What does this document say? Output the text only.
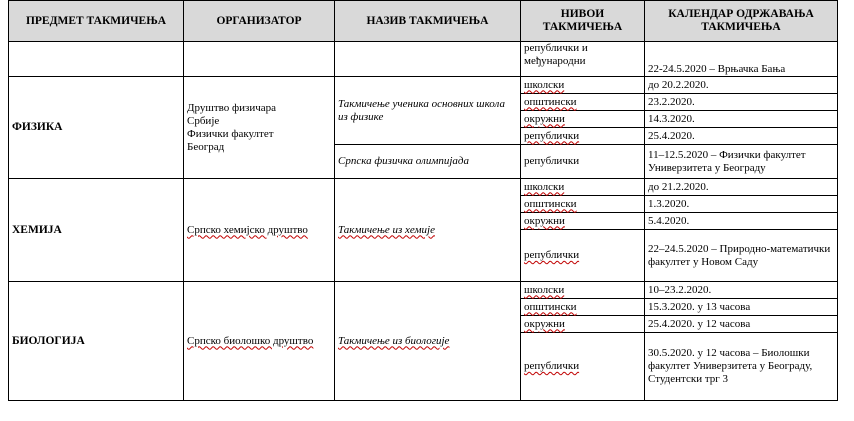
ПРЕДМЕТ ТАКМИЧЕЊА	ОРГАНИЗАТОР	НАЗИВ ТАКМИЧЕЊА	НИВОИ ТАКМИЧЕЊА	КАЛЕНДАР ОДРЖАВАЊА ТАКМИЧЕЊА
			републички и међународни	22-24.5.2020 – Врњачка Бања
ФИЗИКА	Друштво физичара
Србије
Физички факултет
Београд	Такмичење ученика основних школа из физике	школски	до 20.2.2020.
			општински	23.2.2020.
			окружни	14.3.2020.
			републички	25.4.2020.
		Српска физичка олимпијада	републички	11–12.5.2020 – Физички факултет Универзитета у Београду
ХЕМИЈА	Српско хемијско друштво	Такмичење из хемије	школски	до 21.2.2020.
			општински	1.3.2020.
			окружни	5.4.2020.
			републички	22–24.5.2020 – Природно-математички факултет у Новом Саду
БИОЛОГИЈА	Српско биолошко друштво	Такмичење из биологије	школски	10–23.2.2020.
			општински	15.3.2020. у 13 часова
			окружни	25.4.2020. у 12 часова
			републички	30.5.2020. у 12 часова – Биолошки факултет Универзитета у Београду, Студентски трг 3
